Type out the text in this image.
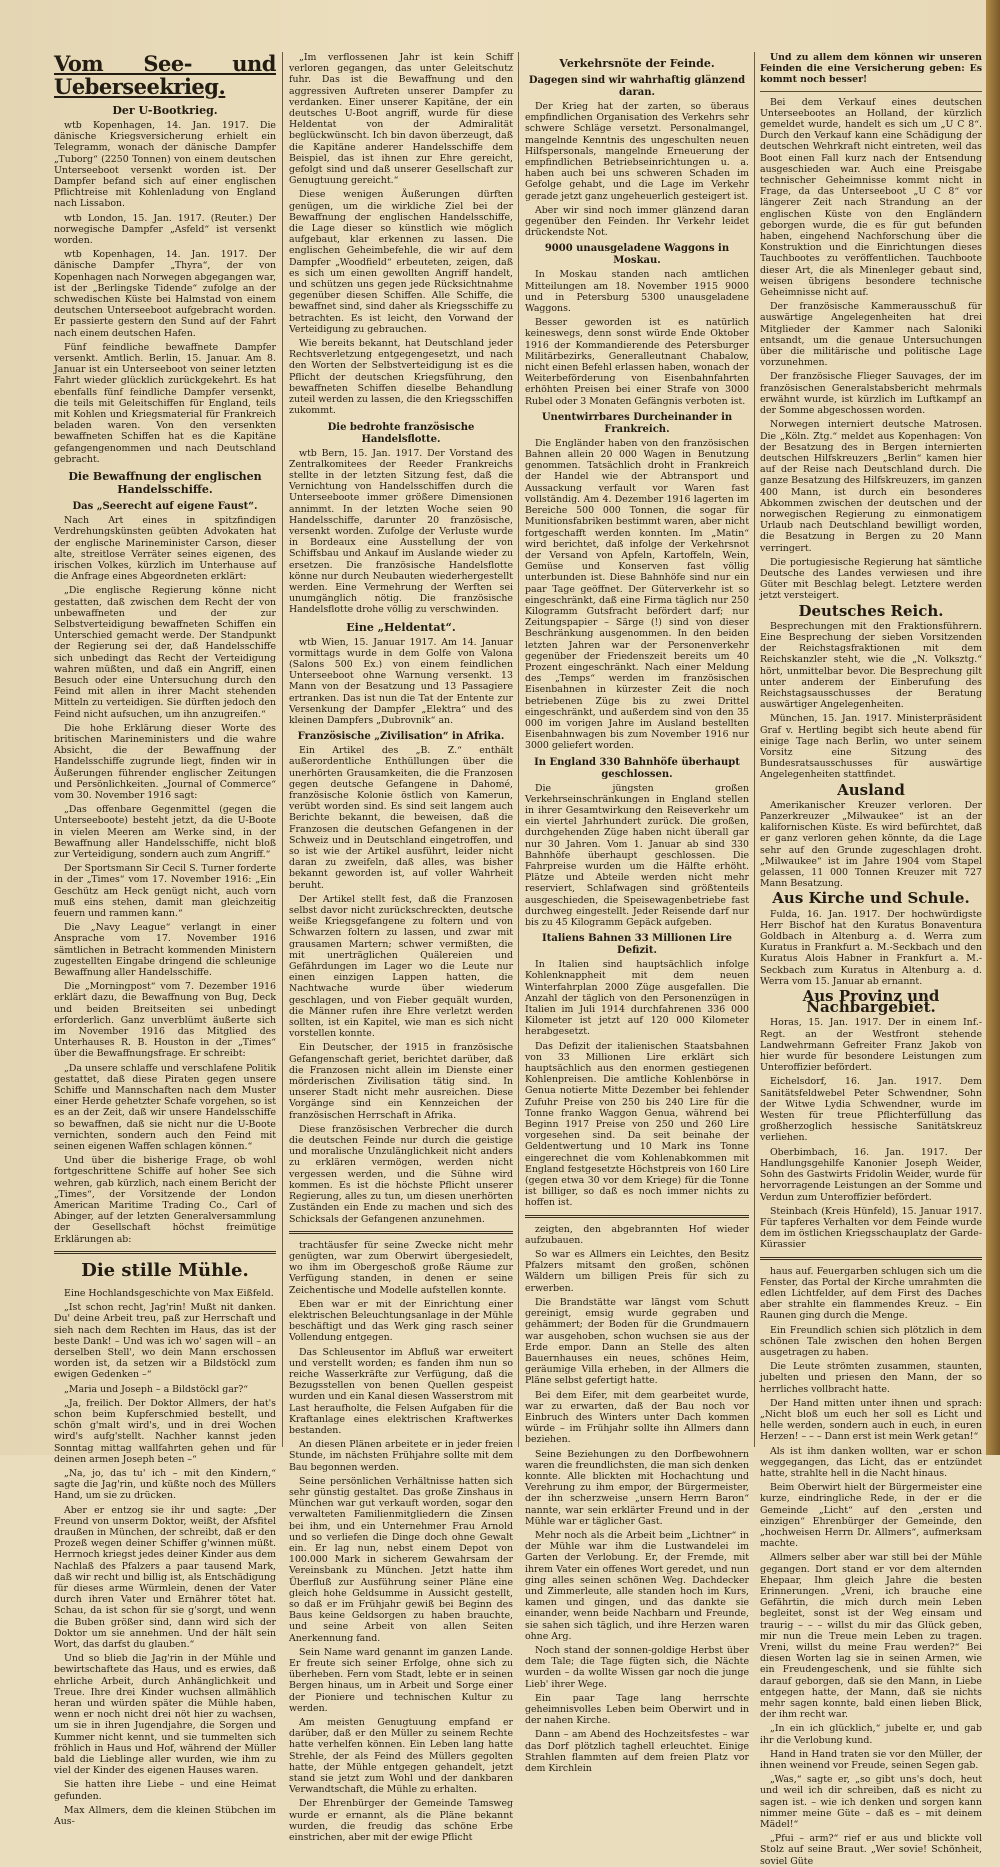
Vom See- und Ueberseekrieg.
Der U-Bootkrieg.

wtb Kopenhagen, 14. Jan. 1917. Die dänische Kriegsversicherung erhielt ein Telegramm, wonach der dänische Dampfer „Tuborg“ (2250 Tonnen) von einem deutschen Unterseeboot versenkt worden ist. Der Dampfer befand sich auf einer englischen Pflichtreise mit Kohlenladung von England nach Lissabon.

wtb London, 15. Jan. 1917. (Reuter.) Der norwegische Dampfer „Asfeld“ ist versenkt worden.

wtb Kopenhagen, 14. Jan. 1917. Der dänische Dampfer „Thyra“, der von Kopenhagen nach Norwegen abgegangen war, ist der „Berlingske Tidende“ zufolge an der schwedischen Küste bei Halmstad von einem deutschen Unterseeboot aufgebracht worden. Er passierte gestern den Sund auf der Fahrt nach einem deutschen Hafen.

Fünf feindliche bewaffnete Dampfer versenkt. Amtlich. Berlin, 15. Januar. Am 8. Januar ist ein Unterseeboot von seiner letzten Fahrt wieder glücklich zurückgekehrt. Es hat ebenfalls fünf feindliche Dampfer versenkt, die teils mit Geleitschiffen für England, teils mit Kohlen und Kriegsmaterial für Frankreich beladen waren. Von den versenkten bewaffneten Schiffen hat es die Kapitäne gefangengenommen und nach Deutschland gebracht.

Die Bewaffnung der englischen Handelsschiffe.
Das „Seerecht auf eigene Faust“.

Nach Art eines in spitzfindigen Verdrehungskünsten geübten Advokaten hat der englische Marineminister Carson, dieser alte, streitlose Verräter seines eigenen, des irischen Volkes, kürzlich im Unterhause auf die Anfrage eines Abgeordneten erklärt:

„Die englische Regierung könne nicht gestatten, daß zwischen dem Recht der von unbewaffneten und der zur Selbstverteidigung bewaffneten Schiffen ein Unterschied gemacht werde. Der Standpunkt der Regierung sei der, daß Handelsschiffe sich unbedingt das Recht der Verteidigung wahren müßten, und daß ein Angriff, einen Besuch oder eine Untersuchung durch den Feind mit allen in ihrer Macht stehenden Mitteln zu verteidigen. Sie dürften jedoch den Feind nicht aufsuchen, um ihn anzugreifen.“

Die hohe Erklärung dieser Worte des britischen Marineministers und die wahre Absicht, die der Bewaffnung der Handelsschiffe zugrunde liegt, finden wir in Äußerungen führender englischer Zeitungen und Persönlichkeiten. „Journal of Commerce“ vom 30. November 1916 sagt:

„Das offenbare Gegenmittel (gegen die Unterseeboote) besteht jetzt, da die U-Boote in vielen Meeren am Werke sind, in der Bewaffnung aller Handelsschiffe, nicht bloß zur Verteidigung, sondern auch zum Angriff.“

Der Sportsmann Sir Cecil S. Turner forderte in der „Times“ vom 17. November 1916: „Ein Geschütz am Heck genügt nicht, auch vorn muß eins stehen, damit man gleichzeitig feuern und rammen kann.“

Die „Navy League“ verlangt in einer Ansprache vom 17. November 1916 sämtlichen in Betracht kommenden Ministern zugestellten Eingabe dringend die schleunige Bewaffnung aller Handelsschiffe.

Die „Morningpost“ vom 7. Dezember 1916 erklärt dazu, die Bewaffnung von Bug, Deck und beiden Breitseiten sei unbedingt erforderlich. Ganz unverblümt äußerte sich im November 1916 das Mitglied des Unterhauses R. B. Houston in der „Times“ über die Bewaffnungsfrage. Er schreibt:

„Da unsere schlaffe und verschlafene Politik gestattet, daß diese Piraten gegen unsere Schiffe und Mannschaften nach dem Muster einer Herde gehetzter Schafe vorgehen, so ist es an der Zeit, daß wir unsere Handelsschiffe so bewaffnen, daß sie nicht nur die U-Boote vernichten, sondern auch den Feind mit seinen eigenen Waffen schlagen können.“

Und über die bisherige Frage, ob wohl fortgeschrittene Schiffe auf hoher See sich wehren, gab kürzlich, nach einem Bericht der „Times“, der Vorsitzende der London American Maritime Trading Co., Carl of Abinger, auf der letzten Generalversammlung der Gesellschaft höchst freimütige Erklärungen ab:

Die stille Mühle.

Eine Hochlandsgeschichte von Max Eißfeld.

„Ist schon recht, Jag'rin! Mußt nit danken. Du' deine Arbeit treu, paß zur Herrschaft und sieh nach dem Rechten im Haus, das ist der beste Dank! – Und was ich wo' sagen will – an derselben Stell', wo dein Mann erschossen worden ist, da setzen wir a Bildstöckl zum ewigen Gedenken –“

„Maria und Joseph – a Bildstöckl gar?“

„Ja, freilich. Der Doktor Allmers, der hat's schon beim Kupferschmied bestellt, und schön g'malt wird's, und in drei Wochen wird's aufg'stellt. Nachher kannst jeden Sonntag mittag wallfahrten gehen und für deinen armen Joseph beten –“

„Na, jo, das tu' ich – mit den Kindern,“ sagte die Jag'rin, und küßte noch des Müllers Hand, um sie zu drücken.

Aber er entzog sie ihr und sagte: „Der Freund von unserm Doktor, weißt, der Afsfitel draußen in München, der schreibt, daß er den Prozeß wegen deiner Schiffer g'winnen müßt. Herrnoch kriegst jedes deiner Kinder aus dem Nachlaß des Pfalzers a paar tausend Mark, daß wir recht und billig ist, als Entschädigung für dieses arme Würmlein, denen der Vater durch ihren Vater und Ernährer tötet hat. Schau, da ist schon für sie g'sorgt, und wenn die Buben größer sind, dann wird sich der Doktor um sie annehmen. Und der hält sein Wort, das darfst du glauben.“

Und so blieb die Jag'rin in der Mühle und bewirtschaftete das Haus, und es erwies, daß ehrliche Arbeit, durch Anhänglichkeit und Treue. Ihre drei Kinder wuchsen allmählich heran und würden später die Mühle haben, wenn er noch nicht drei nöt hier zu wachsen, um sie in ihren Jugendjahre, die Sorgen und Kummer nicht kennt, und sie tummelten sich fröhlich in Haus und Hof, während der Müller bald die Lieblinge aller wurden, wie ihm zu viel der Kinder des eigenen Hauses waren.

Sie hatten ihre Liebe – und eine Heimat gefunden.

Max Allmers, dem die kleinen Stübchen im Aus-

„Im verflossenen Jahr ist kein Schiff verloren gegangen, das unter Geleitschutz fuhr. Das ist die Bewaffnung und den aggressiven Auftreten unserer Dampfer zu verdanken. Einer unserer Kapitäne, der ein deutsches U-Boot angriff, wurde für diese Heldentat von der Admiralität beglückwünscht. Ich bin davon überzeugt, daß die Kapitäne anderer Handelsschiffe dem Beispiel, das ist ihnen zur Ehre gereicht, gefolgt sind und daß unserer Gesellschaft zur Genugtuung gereicht.“

Diese wenigen Äußerungen dürften genügen, um die wirkliche Ziel bei der Bewaffnung der englischen Handelsschiffe, die Lage dieser so künstlich wie möglich aufgebaut, klar erkennen zu lassen. Die englischen Geheimbefehle, die wir auf dem Dampfer „Woodfield“ erbeuteten, zeigen, daß es sich um einen gewollten Angriff handelt, und schützen uns gegen jede Rücksichtnahme gegenüber diesen Schiffen. Alle Schiffe, die bewaffnet sind, sind daher als Kriegsschiffe zu betrachten. Es ist leicht, den Vorwand der Verteidigung zu gebrauchen.

Wie bereits bekannt, hat Deutschland jeder Rechtsverletzung entgegengesetzt, und nach den Worten der Selbstverteidigung ist es die Pflicht der deutschen Kriegsführung, den bewaffneten Schiffen dieselbe Behandlung zuteil werden zu lassen, die den Kriegsschiffen zukommt.

Die bedrohte französische Handelsflotte.

wtb Bern, 15. Jan. 1917. Der Vorstand des Zentralkomitees der Reeder Frankreichs stellte in der letzten Sitzung fest, daß die Vernichtung von Handelsschiffen durch die Unterseeboote immer größere Dimensionen annimmt. In der letzten Woche seien 90 Handelsschiffe, darunter 20 französische, versenkt worden. Zufolge der Verluste wurde in Bordeaux eine Ausstellung der von Schiffsbau und Ankauf im Auslande wieder zu ersetzen. Die französische Handelsflotte könne nur durch Neubauten wiederhergestellt werden. Eine Vermehrung der Werften sei unumgänglich nötig. Die französische Handelsflotte drohe völlig zu verschwinden.

Eine „Heldentat“.

wtb Wien, 15. Januar 1917. Am 14. Januar vormittags wurde in dem Golfe von Valona (Salons 500 Ex.) von einem feindlichen Unterseeboot ohne Warnung versenkt. 13 Mann von der Besatzung und 13 Passagiere ertranken. Das ist nun die Tat der Entente zur Versenkung der Dampfer „Elektra“ und des kleinen Dampfers „Dubrovnik“ an.

Französische „Zivilisation“ in Afrika.

Ein Artikel des „B. Z.“ enthält außerordentliche Enthüllungen über die unerhörten Grausamkeiten, die die Franzosen gegen deutsche Gefangene in Dahomé, französische Kolonie östlich von Kamerun, verübt worden sind. Es sind seit langem auch Berichte bekannt, die beweisen, daß die Franzosen die deutschen Gefangenen in der Schweiz und in Deutschland eingetroffen, und so ist wie der Artikel ausführt, leider nicht daran zu zweifeln, daß alles, was bisher bekannt geworden ist, auf voller Wahrheit beruht.

Der Artikel stellt fest, daß die Franzosen selbst davor nicht zurückschreckten, deutsche weiße Kriegsgefangene zu foltern und von Schwarzen foltern zu lassen, und zwar mit grausamen Martern; schwer vermißten, die mit unerträglichen Quälereien und Gefährdungen im Lager wo die Leute nur einen einzigen Lappen hatten, die Nachtwache wurde über wiederum geschlagen, und von Fieber gequält wurden, die Männer rufen ihre Ehre verletzt werden sollten, ist ein Kapitel, wie man es sich nicht vorstellen konnte.

Ein Deutscher, der 1915 in französische Gefangenschaft geriet, berichtet darüber, daß die Franzosen nicht allein im Dienste einer mörderischen Zivilisation tätig sind. In unserer Stadt nicht mehr ausreichen. Diese Vorgänge sind ein Kennzeichen der französischen Herrschaft in Afrika.

Diese französischen Verbrecher die durch die deutschen Feinde nur durch die geistige und moralische Unzulänglichkeit nicht anders zu erklären vermögen, werden nicht vergessen werden, und die Sühne wird kommen. Es ist die höchste Pflicht unserer Regierung, alles zu tun, um diesen unerhörten Zuständen ein Ende zu machen und sich des Schicksals der Gefangenen anzunehmen.

trachtäusfer für seine Zwecke nicht mehr genügten, war zum Oberwirt übergesiedelt, wo ihm im Obergeschoß große Räume zur Verfügung standen, in denen er seine Zeichentische und Modelle aufstellen konnte.

Eben war er mit der Einrichtung einer elektrischen Beleuchtungsanlage in der Mühle beschäftigt und das Werk ging rasch seiner Vollendung entgegen.

Das Schleusentor im Abfluß war erweitert und verstellt worden; es fanden ihm nun so reiche Wasserkräfte zur Verfügung, daß die Bezugsstellen von benen Quellen gespeist wurden und ein Kanal diesen Wasserstrom mit Last heraufholte, die Felsen Aufgaben für die Kraftanlage eines elektrischen Kraftwerkes bestanden.

An diesen Plänen arbeitete er in jeder freien Stunde, im nächsten Frühjahre sollte mit dem Bau begonnen werden.

Seine persönlichen Verhältnisse hatten sich sehr günstig gestaltet. Das große Zinshaus in München war gut verkauft worden, sogar den verwalteten Familienmitgliedern die Zinsen bei ihm, und ein Unternehmer Frau Arnold und so verliefen die Dinge doch ohne Gewalt ein. Er lag nun, nebst einem Depot von 100.000 Mark in sicherem Gewahrsam der Vereinsbank zu München. Jetzt hatte ihm Überfluß zur Ausführung seiner Pläne eine gleich hohe Geldsumme in Aussicht gestellt, so daß er im Frühjahr gewiß bei Beginn des Baus keine Geldsorgen zu haben brauchte, und seine Arbeit von allen Seiten Anerkennung fand.

Sein Name ward genannt im ganzen Lande. Er freute sich seiner Erfolge, ohne sich zu überheben. Fern vom Stadt, lebte er in seinen Bergen hinaus, um in Arbeit und Sorge einer der Pioniere und technischen Kultur zu werden.

Am meisten Genugtuung empfand er darüber, daß er den Müller zu seinem Rechte hatte verhelfen können. Ein Leben lang hatte Strehle, der als Feind des Müllers gegolten hatte, der Mühle entgegen gehandelt, jetzt stand sie jetzt zum Wohl und der dankbaren Verwandtschaft, die Mühle zu erhalten.

Der Ehrenbürger der Gemeinde Tamsweg wurde er ernannt, als die Pläne bekannt wurden, die freudig das schöne Erbe einstrichen, aber mit der ewige Pflicht

Verkehrsnöte der Feinde.
Dagegen sind wir wahrhaftig glänzend daran.

Der Krieg hat der zarten, so überaus empfindlichen Organisation des Verkehrs sehr schwere Schläge versetzt. Personalmangel, mangelnde Kenntnis des ungeschulten neuen Hilfspersonals, mangelnde Erneuerung der empfindlichen Betriebseinrichtungen u. a. haben auch bei uns schweren Schaden im Gefolge gehabt, und die Lage im Verkehr gerade jetzt ganz ungeheuerlich gesteigert ist.

Aber wir sind noch immer glänzend daran gegenüber den Feinden. Ihr Verkehr leidet drückendste Not.

9000 unausgeladene Waggons in Moskau.

In Moskau standen nach amtlichen Mitteilungen am 18. November 1915 9000 und in Petersburg 5300 unausgeladene Waggons.

Besser geworden ist es natürlich keineswegs, denn sonst würde Ende Oktober 1916 der Kommandierende des Petersburger Militärbezirks, Generalleutnant Chabalow, nicht einen Befehl erlassen haben, wonach der Weiterbeförderung von Eisenbahnfahrten erhöhten Preisen bei einer Strafe von 3000 Rubel oder 3 Monaten Gefängnis verboten ist.

Unentwirrbares Durcheinander in Frankreich.

Die Engländer haben von den französischen Bahnen allein 20 000 Wagen in Benutzung genommen. Tatsächlich droht in Frankreich der Handel wie der Abtransport und Aussackung verfault vor Waren fast vollständig. Am 4. Dezember 1916 lagerten im Bereiche 500 000 Tonnen, die sogar für Munitionsfabriken bestimmt waren, aber nicht fortgeschafft werden konnten. Im „Matin“ wird berichtet, daß infolge der Verkehrsnot der Versand von Apfeln, Kartoffeln, Wein, Gemüse und Konserven fast völlig unterbunden ist. Diese Bahnhöfe sind nur ein paar Tage geöffnet. Der Güterverkehr ist so eingeschränkt, daß eine Firma täglich nur 250 Kilogramm Gutsfracht befördert darf; nur Zeitungspapier – Särge (!) sind von dieser Beschränkung ausgenommen. In den beiden letzten Jahren war der Personenverkehr gegenüber der Friedenszeit bereits um 40 Prozent eingeschränkt. Nach einer Meldung des „Temps“ werden im französischen Eisenbahnen in kürzester Zeit die noch betriebenen Züge bis zu zwei Drittel eingeschränkt, und außerdem sind von den 35 000 im vorigen Jahre im Ausland bestellten Eisenbahnwagen bis zum November 1916 nur 3000 geliefert worden.

In England 330 Bahnhöfe überhaupt geschlossen.

Die jüngsten großen Verkehrseinschränkungen in England stellen in ihrer Gesamtwirkung den Reiseverkehr um ein viertel Jahrhundert zurück. Die großen, durchgehenden Züge haben nicht überall gar nur 30 Jahren. Vom 1. Januar ab sind 330 Bahnhöfe überhaupt geschlossen. Die Fahrpreise wurden um die Hälfte erhöht. Plätze und Abteile werden nicht mehr reserviert, Schlafwagen sind größtenteils ausgeschieden, die Speisewagenbetriebe fast durchweg eingestellt. Jeder Reisende darf nur bis zu 45 Kilogramm Gepäck aufgeben.

Italiens Bahnen 33 Millionen Lire Defizit.

In Italien sind hauptsächlich infolge Kohlenknappheit mit dem neuen Winterfahrplan 2000 Züge ausgefallen. Die Anzahl der täglich von den Personenzügen in Italien im Juli 1914 durchfahrenen 336 000 Kilometer ist jetzt auf 120 000 Kilometer herabgesetzt.

Das Defizit der italienischen Staatsbahnen von 33 Millionen Lire erklärt sich hauptsächlich aus den enormen gestiegenen Kohlenpreisen. Die amtliche Kohlenbörse in Genua notierte Mitte Dezember bei fehlender Zufuhr Preise von 250 bis 240 Lire für die Tonne franko Waggon Genua, während bei Beginn 1917 Preise von 250 und 260 Lire vorgesehen sind. Da seit beinahe der Geldentwertung und 10 Mark ins Tonne eingerechnet die vom Kohlenabkommen mit England festgesetzte Höchstpreis von 160 Lire (gegen etwa 30 vor dem Kriege) für die Tonne ist billiger, so daß es noch immer nichts zu hoffen ist.

zeigten, den abgebrannten Hof wieder aufzubauen.

So war es Allmers ein Leichtes, den Besitz Pfalzers mitsamt den großen, schönen Wäldern um billigen Preis für sich zu erwerben.

Die Brandstätte war längst vom Schutt gereinigt, emsig wurde gegraben und gehämmert; der Boden für die Grundmauern war ausgehoben, schon wuchsen sie aus der Erde empor. Dann an Stelle des alten Bauernhauses ein neues, schönes Heim, geräumige Villa erheben, in der Allmers die Pläne selbst gefertigt hatte.

Bei dem Eifer, mit dem gearbeitet wurde, war zu erwarten, daß der Bau noch vor Einbruch des Winters unter Dach kommen würde – im Frühjahr sollte ihn Allmers dann beziehen.

Seine Beziehungen zu den Dorfbewohnern waren die freundlichsten, die man sich denken konnte. Alle blickten mit Hochachtung und Verehrung zu ihm empor, der Bürgermeister, der ihn scherzweise „unsern Herrn Baron“ nannte, war sein erklärter Freund und in der Mühle war er täglicher Gast.

Mehr noch als die Arbeit beim „Lichtner“ in der Mühle war ihm die Lustwandelei im Garten der Verlobung. Er, der Fremde, mit ihrem Vater ein offenes Wort geredet, und nun ging alles seinen schönen Weg. Dachdecker und Zimmerleute, alle standen hoch im Kurs, kamen und gingen, und das dankte sie einander, wenn beide Nachbarn und Freunde, sie sahen sich täglich, und ihre Herzen waren ohne Arg.

Noch stand der sonnen-goldige Herbst über dem Tale; die Tage fügten sich, die Nächte wurden – da wollte Wissen gar noch die junge Lieb' ihrer Wege.

Ein paar Tage lang herrschte geheimnisvolles Leben beim Oberwirt und in der nahen Kirche.

Dann – am Abend des Hochzeitsfestes – war das Dorf plötzlich taghell erleuchtet. Einige Strahlen flammten auf dem freien Platz vor dem Kirchlein

Und zu allem dem können wir unseren Feinden die eine Versicherung geben: Es kommt noch besser!

Bei dem Verkauf eines deutschen Unterseebootes an Holland, der kürzlich gemeldet wurde, handelt es sich um „U C 8“. Durch den Verkauf kann eine Schädigung der deutschen Wehrkraft nicht eintreten, weil das Boot einen Fall kurz nach der Entsendung ausgeschieden war. Auch eine Preisgabe technischer Geheimnisse kommt nicht in Frage, da das Unterseeboot „U C 8“ vor längerer Zeit nach Strandung an der englischen Küste von den Engländern geborgen wurde, die es für gut befunden haben, eingehend Nachforschung über die Konstruktion und die Einrichtungen dieses Tauchbootes zu veröffentlichen. Tauchboote dieser Art, die als Minenleger gebaut sind, weisen übrigens besondere technische Geheimnisse nicht auf.

Der französische Kammerausschuß für auswärtige Angelegenheiten hat drei Mitglieder der Kammer nach Saloniki entsandt, um die genaue Untersuchungen über die militärische und politische Lage vorzunehmen.

Der französische Flieger Sauvages, der im französischen Generalstabsbericht mehrmals erwähnt wurde, ist kürzlich im Luftkampf an der Somme abgeschossen worden.

Norwegen interniert deutsche Matrosen. Die „Köln. Ztg.“ meldet aus Kopenhagen: Von der Besatzung des in Bergen internierten deutschen Hilfskreuzers „Berlin“ kamen hier auf der Reise nach Deutschland durch. Die ganze Besatzung des Hilfskreuzers, im ganzen 400 Mann, ist durch ein besonderes Abkommen zwischen der deutschen und der norwegischen Regierung zu einmonatigem Urlaub nach Deutschland bewilligt worden, die Besatzung in Bergen zu 20 Mann verringert.

Die portugiesische Regierung hat sämtliche Deutsche des Landes verwiesen und ihre Güter mit Beschlag belegt. Letztere werden jetzt versteigert.

Deutsches Reich.

Besprechungen mit den Fraktionsführern. Eine Besprechung der sieben Vorsitzenden der Reichstagsfraktionen mit dem Reichskanzler steht, wie die „N. Volksztg.“ hört, unmittelbar bevor. Die Besprechung gilt unter anderem der Einberufung des Reichstagsausschusses der Beratung auswärtiger Angelegenheiten.

München, 15. Jan. 1917. Ministerpräsident Graf v. Hertling begibt sich heute abend für einige Tage nach Berlin, wo unter seinem Vorsitz eine Sitzung des Bundesratsausschusses für auswärtige Angelegenheiten stattfindet.

Ausland

Amerikanischer Kreuzer verloren. Der Panzerkreuzer „Milwaukee“ ist an der kalifornischen Küste. Es wird befürchtet, daß er ganz verloren gehen könnte, da die Lage sehr auf den Grunde zugeschlagen droht. „Milwaukee“ ist im Jahre 1904 vom Stapel gelassen, 11 000 Tonnen Kreuzer mit 727 Mann Besatzung.

Aus Kirche und Schule.

Fulda, 16. Jan. 1917. Der hochwürdigste Herr Bischof hat den Kuratus Bonaventura Goldbach in Altenburg a. d. Werra zum Kuratus in Frankfurt a. M.-Seckbach und den Kuratus Alois Habner in Frankfurt a. M.-Seckbach zum Kuratus in Altenburg a. d. Werra vom 15. Januar ab ernannt.

Aus Provinz und Nachbargebiet.

Horas, 15. Jan. 1917. Der in einem Inf.-Regt. an der Westfront stehende Landwehrmann Gefreiter Franz Jakob von hier wurde für besondere Leistungen zum Unteroffizier befördert.

Eichelsdorf, 16. Jan. 1917. Dem Sanitätsfeldwebel Peter Schwendner, Sohn der Witwe Lydia Schwendner, wurde im Westen für treue Pflichterfüllung das großherzoglich hessische Sanitätskreuz verliehen.

Oberbimbach, 16. Jan. 1917. Der Handlungsgehilfe Kanonier Joseph Weider, Sohn des Gastwirts Fridolin Weider, wurde für hervorragende Leistungen an der Somme und Verdun zum Unteroffizier befördert.

Steinbach (Kreis Hünfeld), 15. Januar 1917. Für tapferes Verhalten vor dem Feinde wurde dem im östlichen Kriegsschauplatz der Garde-Kürassier

haus auf. Feuergarben schlugen sich um die Fenster, das Portal der Kirche umrahmten die edlen Lichtfelder, auf dem First des Daches aber strahlte ein flammendes Kreuz. – Ein Raunen ging durch die Menge.

Ein Freundlich schien sich plötzlich in dem schönen Tale zwischen den hohen Bergen ausgetragen zu haben.

Die Leute strömten zusammen, staunten, jubelten und priesen den Mann, der so herrliches vollbracht hatte.

Der Hand mitten unter ihnen und sprach: „Nicht bloß um euch her soll es Licht und helle werden, sondern auch in euch, in euren Herzen! – – – Dann erst ist mein Werk getan!“

Als ist ihm danken wollten, war er schon weggegangen, das Licht, das er entzündet hatte, strahlte hell in die Nacht hinaus.

Beim Oberwirt hielt der Bürgermeister eine kurze, eindringliche Rede, in der er die Gemeinde „Licht“ auf den „ersten und einzigen“ Ehrenbürger der Gemeinde, den „hochweisen Herrn Dr. Allmers“, aufmerksam machte.

Allmers selber aber war still bei der Mühle gegangen. Dort stand er vor dem alternden Ehepaar, Ihm gleich Jahre die besten Erinnerungen. „Vreni, ich brauche eine Gefährtin, die mich durch mein Leben begleitet, sonst ist der Weg einsam und traurig – – – willst du mir das Glück geben, mir nun die Treue mein Leben zu tragen. Vreni, willst du meine Frau werden?“ Bei diesen Worten lag sie in seinen Armen, wie ein Freudengeschenk, und sie fühlte sich darauf geborgen, daß sie den Mann, in Liebe entgegen hatte, der Mann, daß sie nichts mehr sagen konnte, bald einen lieben Blick, der ihm recht war.

„In ein ich glücklich,“ jubelte er, und gab ihr die Verlobung kund.

Hand in Hand traten sie vor den Müller, der ihnen weinend vor Freude, seinen Segen gab.

„Was,“ sagte er, „so gibt uns's doch, heut und weil ich dir schreiben, daß es nicht zu sagen ist. – wie ich denken und sorgen kann nimmer meine Güte – daß es – mit deinem Mädel!“

„Pfui – arm?“ rief er aus und blickte voll Stolz auf seine Braut. „Wer sovie! Schönheit, soviel Güte
